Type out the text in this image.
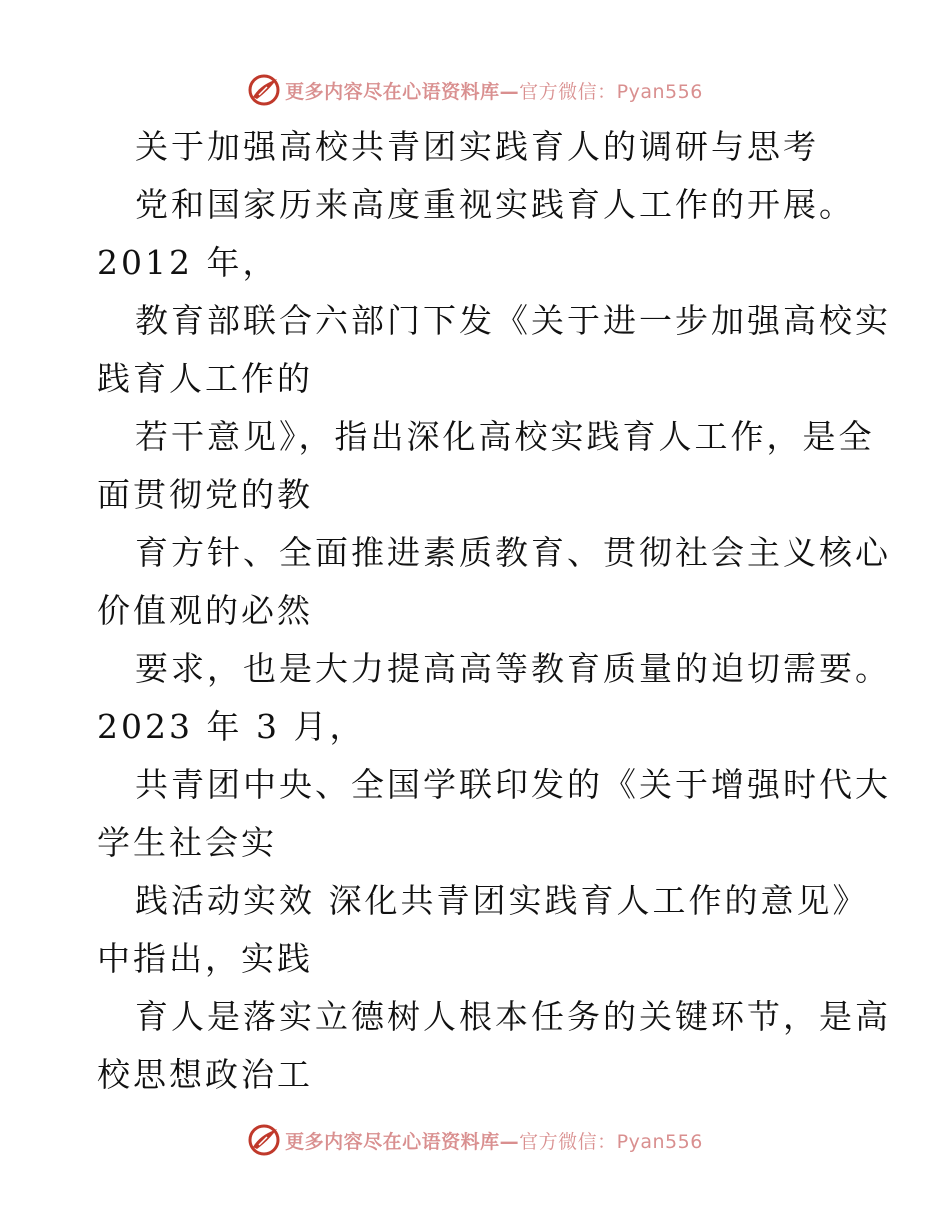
更多内容尽在心语资料库—官方微信：Pyan556
关于加强高校共青团实践育人的调研与思考
党和国家历来高度重视实践育人工作的开展。
2012 年，
教育部联合六部门下发《关于进一步加强高校实
践育人工作的
若干意见》，指出深化高校实践育人工作，是全
面贯彻党的教
育方针、全面推进素质教育、贯彻社会主义核心
价值观的必然
要求，也是大力提高高等教育质量的迫切需要。
2023 年 3 月，
共青团中央、全国学联印发的《关于增强时代大
学生社会实
践活动实效 深化共青团实践育人工作的意见》
中指出，实践
育人是落实立德树人根本任务的关键环节，是高
校思想政治工
更多内容尽在心语资料库—官方微信：Pyan556
